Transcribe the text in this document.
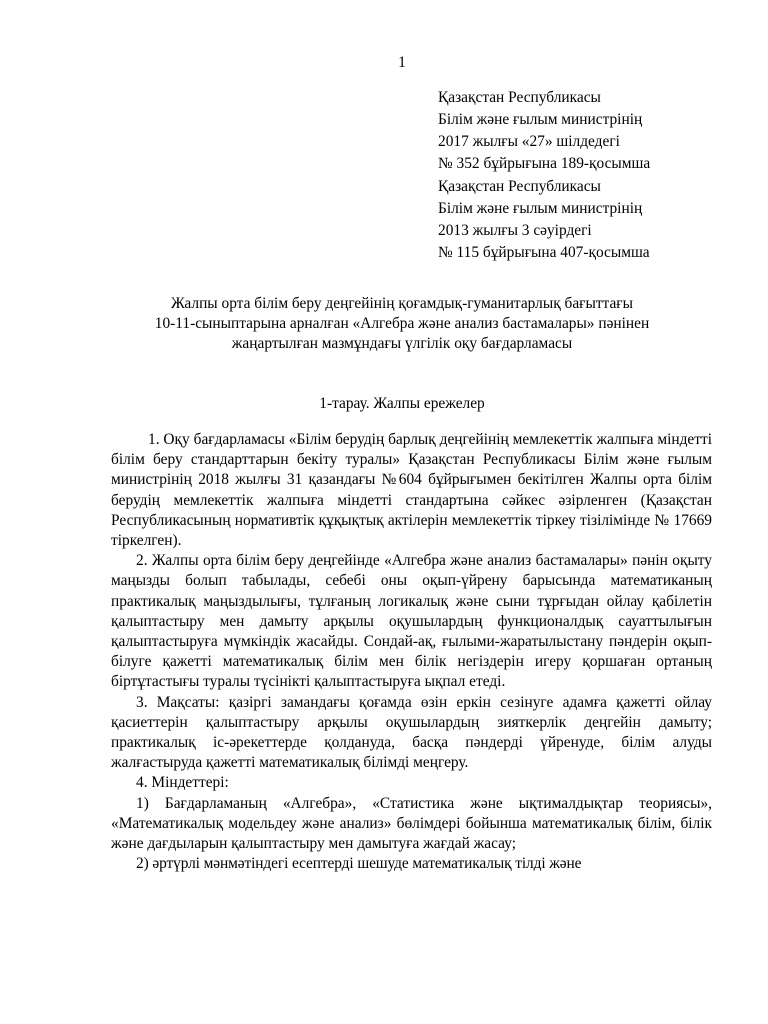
1
Қазақстан Республикасы
Білім және ғылым министрінің
2017 жылғы «27» шілдедегі
№ 352 бұйрығына 189-қосымша
Қазақстан Республикасы
Білім және ғылым министрінің
2013 жылғы 3 сәуірдегі
№ 115 бұйрығына 407-қосымша
Жалпы орта білім беру деңгейінің қоғамдық-гуманитарлық бағыттағы
10-11-сыныптарына арналған «Алгебра және анализ бастамалары» пәнінен
жаңартылған мазмұндағы үлгілік оқу бағдарламасы
1-тарау. Жалпы ережелер

1. Оқу бағдарламасы «Білім берудің барлық деңгейінің мемлекеттік жалпыға міндетті білім беру стандарттарын бекіту туралы» Қазақстан Республикасы Білім және ғылым министрінің 2018 жылғы 31 қазандағы №604 бұйрығымен бекітілген Жалпы орта білім берудің мемлекеттік жалпыға міндетті стандартына сәйкес әзірленген (Қазақстан Республикасының нормативтік құқықтық актілерін мемлекеттік тіркеу тізілімінде № 17669 тіркелген).

2. Жалпы орта білім беру деңгейінде «Алгебра және анализ бастамалары» пәнін оқыту маңызды болып табылады, себебі оны оқып-үйрену барысында математиканың практикалық маңыздылығы, тұлғаның логикалық және сыни тұрғыдан ойлау қабілетін қалыптастыру мен дамыту арқылы оқушылардың функционалдық сауаттылығын қалыптастыруға мүмкіндік жасайды. Сондай-ақ, ғылыми-жаратылыстану пәндерін оқып-білуге қажетті математикалық білім мен білік негіздерін игеру қоршаған ортаның біртұтастығы туралы түсінікті қалыптастыруға ықпал етеді.

3. Мақсаты: қазіргі замандағы қоғамда өзін еркін сезінуге адамға қажетті ойлау қасиеттерін қалыптастыру арқылы оқушылардың зияткерлік деңгейін дамыту; практикалық іс-әрекеттерде қолдануда, басқа пәндерді үйренуде, білім алуды жалғастыруда қажетті математикалық білімді меңгеру.

4. Міндеттері:

1) Бағдарламаның «Алгебра», «Статистика және ықтималдықтар теориясы», «Математикалық модельдеу және анализ» бөлімдері бойынша математикалық білім, білік және дағдыларын қалыптастыру мен дамытуға жағдай жасау;

2) әртүрлі мәнмәтіндегі есептерді шешуде математикалық тілді және
